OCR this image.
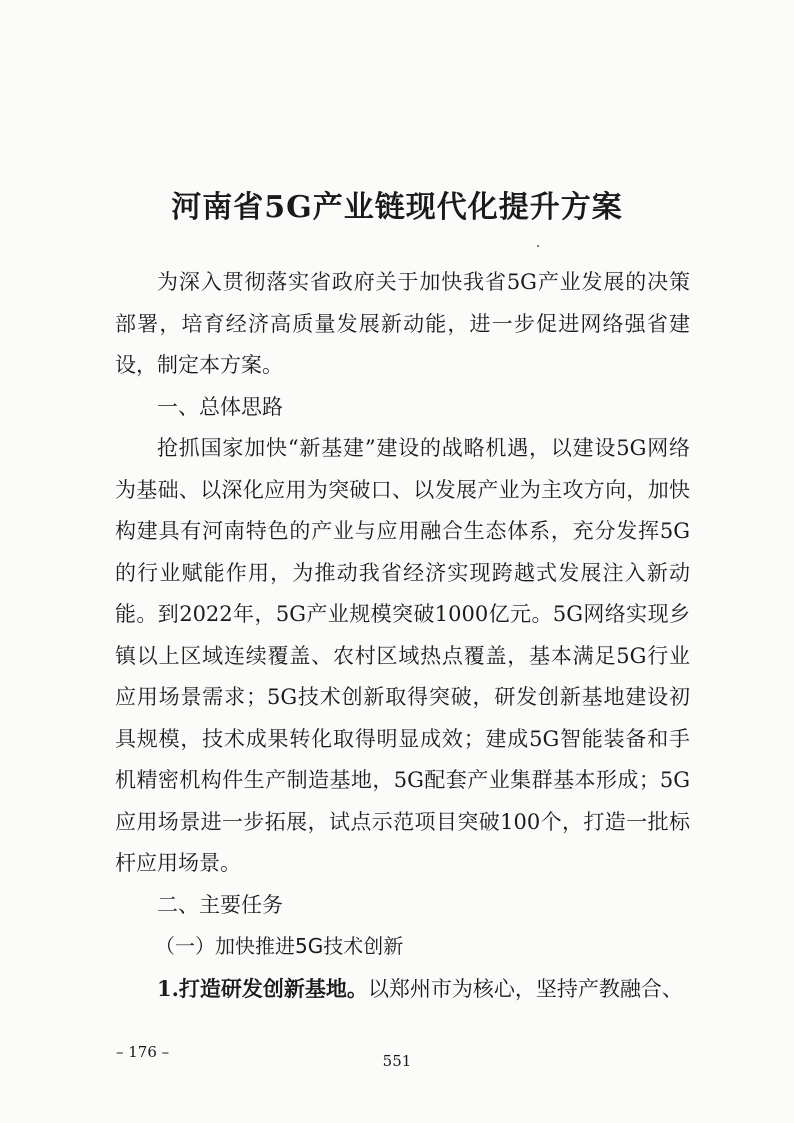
河南省5G产业链现代化提升方案

为深入贯彻落实省政府关于加快我省5G产业发展的决策部署，培育经济高质量发展新动能，进一步促进网络强省建设，制定本方案。

一、总体思路

抢抓国家加快“新基建”建设的战略机遇，以建设5G网络为基础、以深化应用为突破口、以发展产业为主攻方向，加快构建具有河南特色的产业与应用融合生态体系，充分发挥5G的行业赋能作用，为推动我省经济实现跨越式发展注入新动能。到2022年，5G产业规模突破1000亿元。5G网络实现乡镇以上区域连续覆盖、农村区域热点覆盖，基本满足5G行业应用场景需求；5G技术创新取得突破，研发创新基地建设初具规模，技术成果转化取得明显成效；建成5G智能装备和手机精密机构件生产制造基地，5G配套产业集群基本形成；5G应用场景进一步拓展，试点示范项目突破100个，打造一批标杆应用场景。

二、主要任务

（一）加快推进5G技术创新

1.打造研发创新基地。以郑州市为核心，坚持产教融合、

– 176 –	551
